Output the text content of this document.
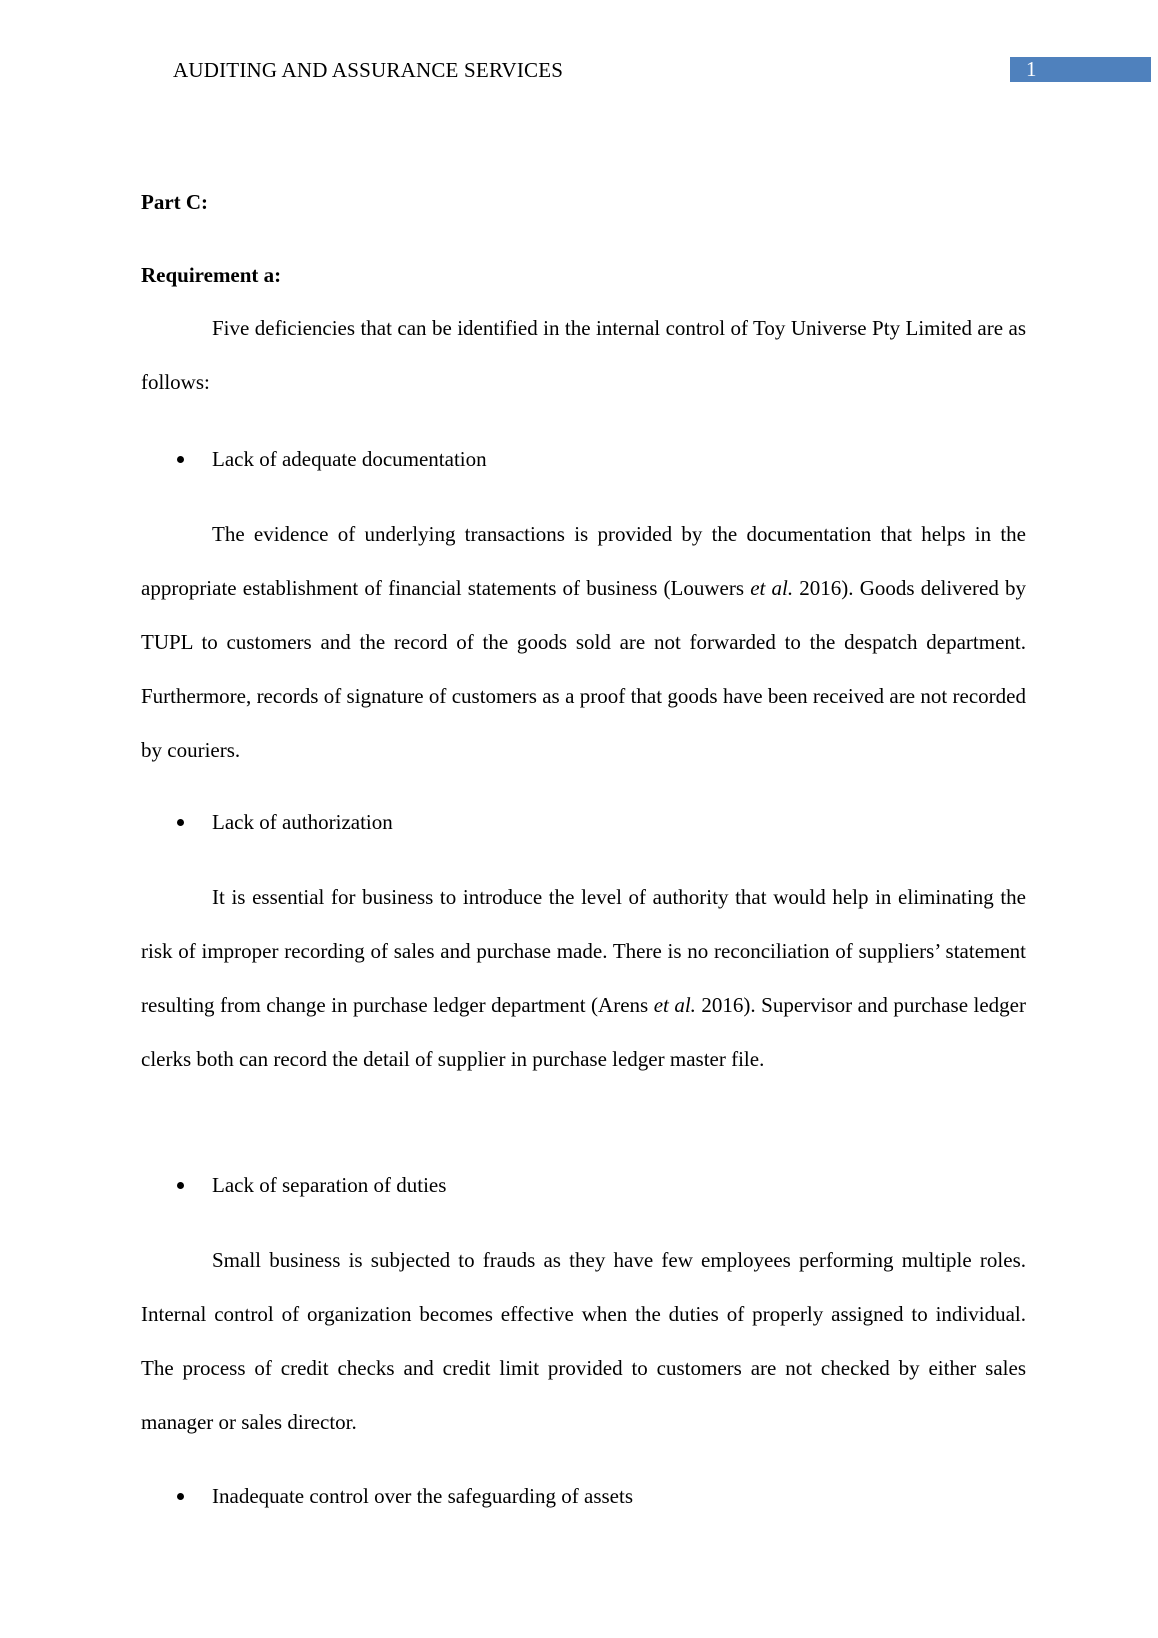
AUDITING AND ASSURANCE SERVICES	1
Part C:
Requirement a:

Five deficiencies that can be identified in the internal control of Toy Universe Pty Limited are as follows:

Lack of adequate documentation

The evidence of underlying transactions is provided by the documentation that helps in the appropriate establishment of financial statements of business (Louwers et al. 2016). Goods delivered by TUPL to customers and the record of the goods sold are not forwarded to the despatch department. Furthermore, records of signature of customers as a proof that goods have been received are not recorded by couriers.

Lack of authorization

It is essential for business to introduce the level of authority that would help in eliminating the risk of improper recording of sales and purchase made. There is no reconciliation of suppliers’ statement resulting from change in purchase ledger department (Arens et al. 2016). Supervisor and purchase ledger clerks both can record the detail of supplier in purchase ledger master file.

Lack of separation of duties

Small business is subjected to frauds as they have few employees performing multiple roles. Internal control of organization becomes effective when the duties of properly assigned to individual. The process of credit checks and credit limit provided to customers are not checked by either sales manager or sales director.

Inadequate control over the safeguarding of assets
